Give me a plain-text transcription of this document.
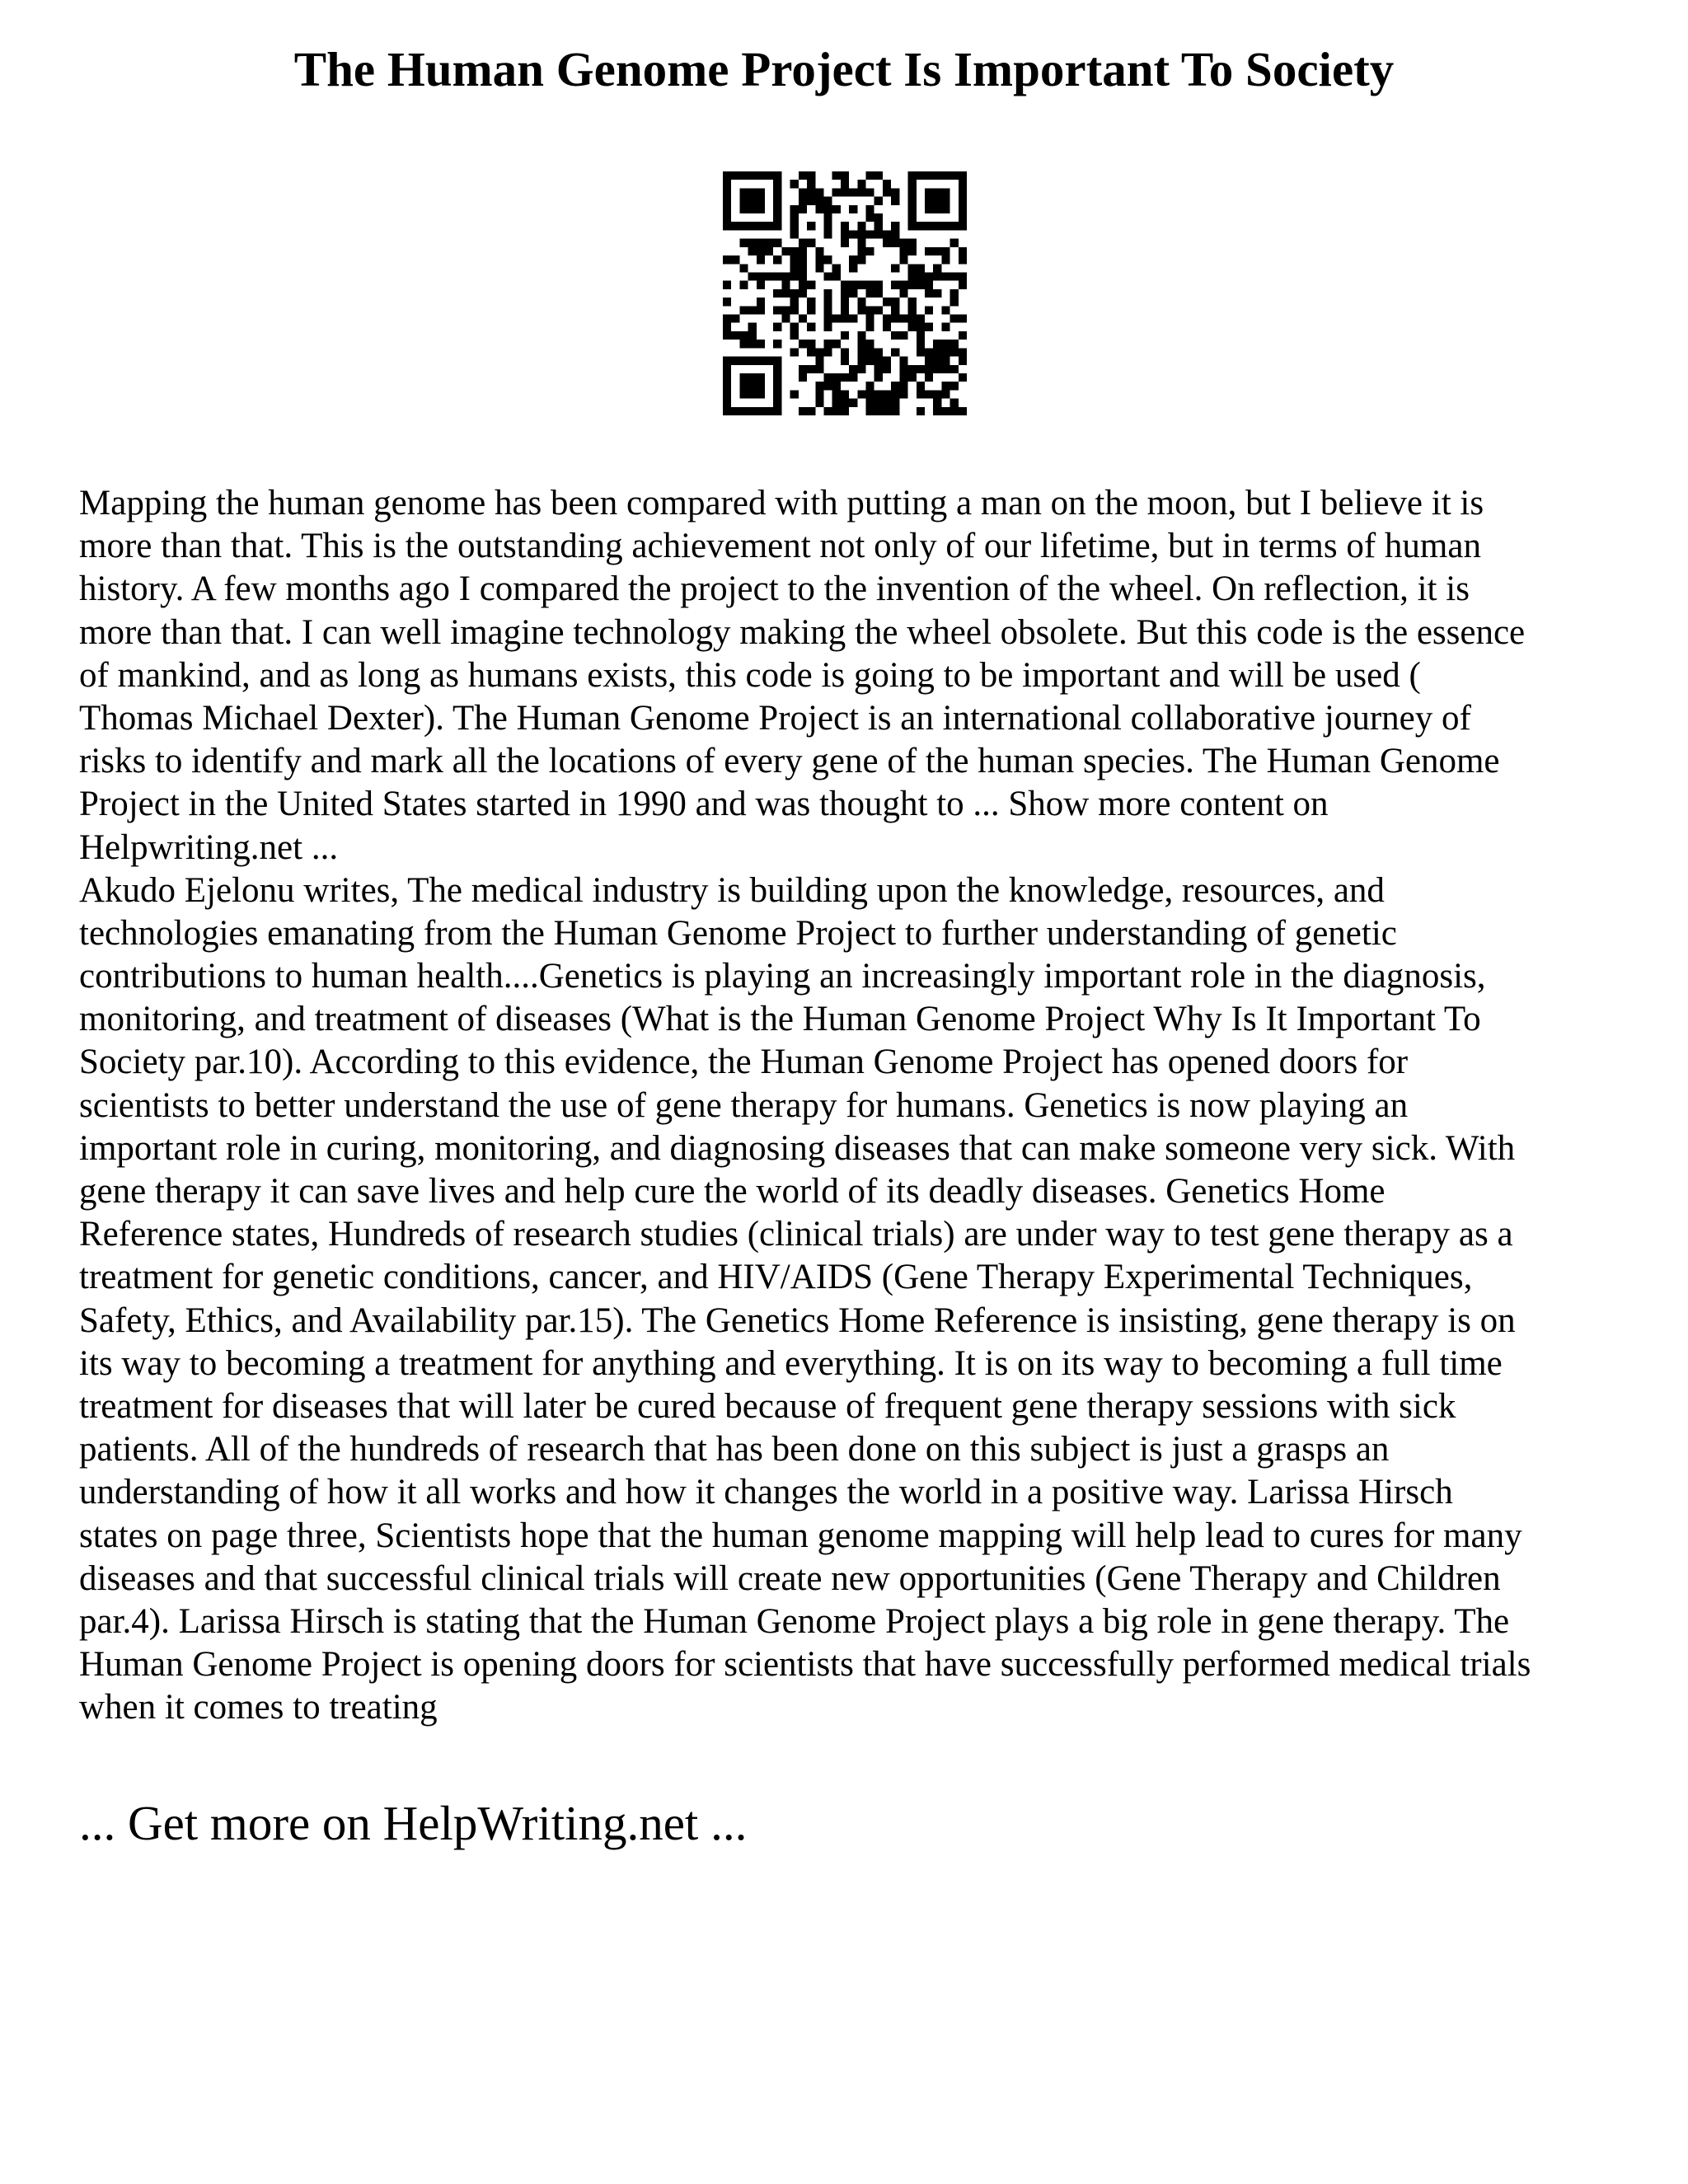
The Human Genome Project Is Important To Society
Mapping the human genome has been compared with putting a man on the moon, but I believe it is
more than that. This is the outstanding achievement not only of our lifetime, but in terms of human
history. A few months ago I compared the project to the invention of the wheel. On reflection, it is
more than that. I can well imagine technology making the wheel obsolete. But this code is the essence
of mankind, and as long as humans exists, this code is going to be important and will be used (
Thomas Michael Dexter). The Human Genome Project is an international collaborative journey of
risks to identify and mark all the locations of every gene of the human species. The Human Genome
Project in the United States started in 1990 and was thought to ... Show more content on
Helpwriting.net ...
Akudo Ejelonu writes, The medical industry is building upon the knowledge, resources, and
technologies emanating from the Human Genome Project to further understanding of genetic
contributions to human health....Genetics is playing an increasingly important role in the diagnosis,
monitoring, and treatment of diseases (What is the Human Genome Project Why Is It Important To
Society par.10). According to this evidence, the Human Genome Project has opened doors for
scientists to better understand the use of gene therapy for humans. Genetics is now playing an
important role in curing, monitoring, and diagnosing diseases that can make someone very sick. With
gene therapy it can save lives and help cure the world of its deadly diseases. Genetics Home
Reference states, Hundreds of research studies (clinical trials) are under way to test gene therapy as a
treatment for genetic conditions, cancer, and HIV/AIDS (Gene Therapy Experimental Techniques,
Safety, Ethics, and Availability par.15). The Genetics Home Reference is insisting, gene therapy is on
its way to becoming a treatment for anything and everything. It is on its way to becoming a full time
treatment for diseases that will later be cured because of frequent gene therapy sessions with sick
patients. All of the hundreds of research that has been done on this subject is just a grasps an
understanding of how it all works and how it changes the world in a positive way. Larissa Hirsch
states on page three, Scientists hope that the human genome mapping will help lead to cures for many
diseases and that successful clinical trials will create new opportunities (Gene Therapy and Children
par.4). Larissa Hirsch is stating that the Human Genome Project plays a big role in gene therapy. The
Human Genome Project is opening doors for scientists that have successfully performed medical trials
when it comes to treating
... Get more on HelpWriting.net ...
